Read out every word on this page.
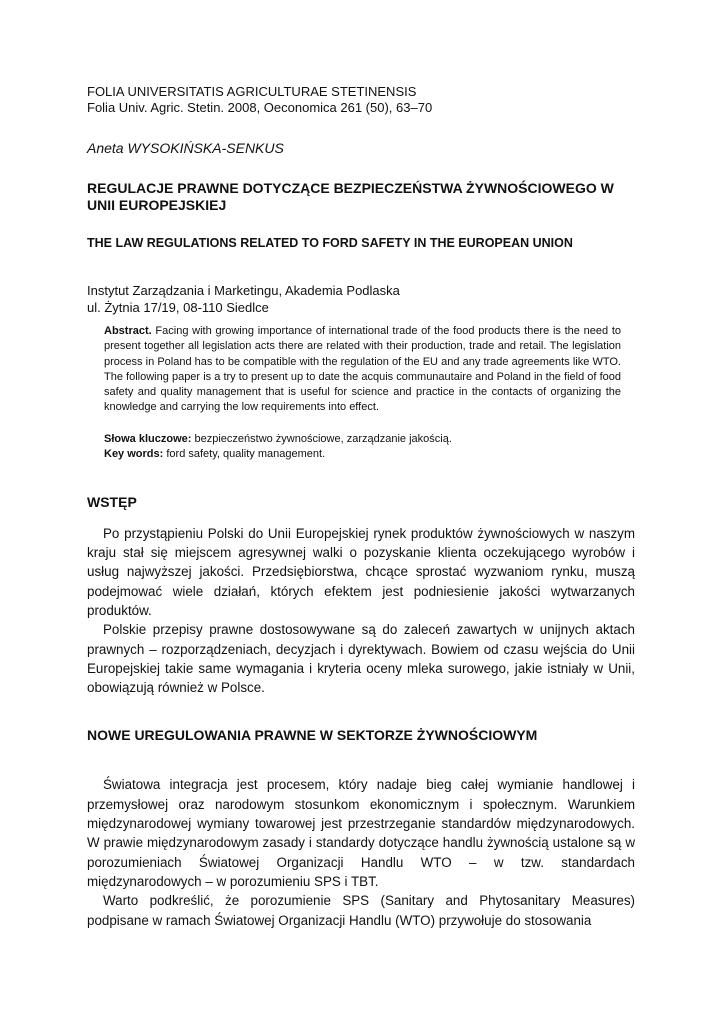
FOLIA UNIVERSITATIS AGRICULTURAE STETINENSIS
Folia Univ. Agric. Stetin. 2008, Oeconomica 261 (50), 63–70
Aneta WYSOKIŃSKA-SENKUS
REGULACJE PRAWNE DOTYCZĄCE BEZPIECZEŃSTWA ŻYWNOŚCIOWEGO W UNII EUROPEJSKIEJ
THE LAW REGULATIONS RELATED TO FORD SAFETY IN THE EUROPEAN UNION
Instytut Zarządzania i Marketingu, Akademia Podlaska
ul. Żytnia 17/19, 08-110 Siedlce
Abstract. Facing with growing importance of international trade of the food products there is the need to present together all legislation acts there are related with their production, trade and retail. The legislation process in Poland has to be compatible with the regulation of the EU and any trade agreements like WTO. The following paper is a try to present up to date the acquis communautaire and Poland in the field of food safety and quality management that is useful for science and practice in the contacts of organizing the knowledge and carrying the low requirements into effect.
Słowa kluczowe: bezpieczeństwo żywnościowe, zarządzanie jakością.
Key words: ford safety, quality management.
WSTĘP

Po przystąpieniu Polski do Unii Europejskiej rynek produktów żywnościowych w naszym kraju stał się miejscem agresywnej walki o pozyskanie klienta oczekującego wyrobów i usług najwyższej jakości. Przedsiębiorstwa, chcące sprostać wyzwaniom rynku, muszą podejmować wiele działań, których efektem jest podniesienie jakości wytwarzanych produktów.

Polskie przepisy prawne dostosowywane są do zaleceń zawartych w unijnych aktach prawnych – rozporządzeniach, decyzjach i dyrektywach. Bowiem od czasu wejścia do Unii Europejskiej takie same wymagania i kryteria oceny mleka surowego, jakie istniały w Unii, obowiązują również w Polsce.

NOWE UREGULOWANIA PRAWNE W SEKTORZE ŻYWNOŚCIOWYM

Światowa integracja jest procesem, który nadaje bieg całej wymianie handlowej i przemysłowej oraz narodowym stosunkom ekonomicznym i społecznym. Warunkiem międzynarodowej wymiany towarowej jest przestrzeganie standardów międzynarodowych. W prawie międzynarodowym zasady i standardy dotyczące handlu żywnością ustalone są w porozumieniach Światowej Organizacji Handlu WTO – w tzw. standardach międzynarodowych – w porozumieniu SPS i TBT.

Warto podkreślić, że porozumienie SPS (Sanitary and Phytosanitary Measures) podpisane w ramach Światowej Organizacji Handlu (WTO) przywołuje do stosowania
